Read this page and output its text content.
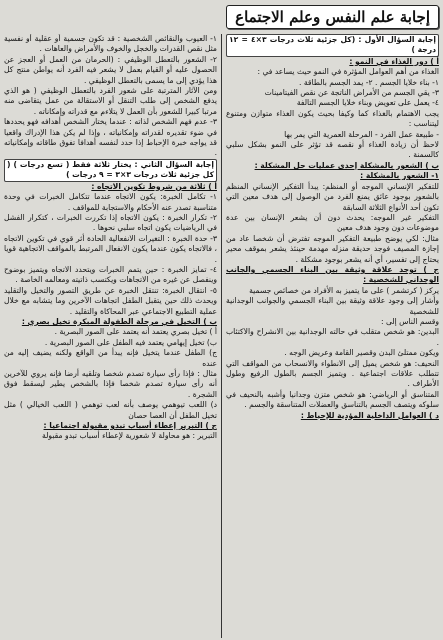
إجابة علم النفس وعلم الاجتماع

إجابة السؤال الأول : (كل جزئية ثلاث درجات ٣×٤ = ١٢ درجة )

أ ) دور الغذاء في النمو :

الغذاء من أهم العوامل المؤثرة في النمو حيث يساعد في :

١- بناء خلايا الجسم . ٢- يمد الجسم بالطاقة .

٣- يقي الجسم من الأمراض الناتجة عن نقص الفيتامينات

٤- يعمل على تعويض وبناء خلايا الجسم التالفة

يجب الاهتمام بالغذاء كما وكيفا بحيث يكون الغذاء متوازن ومتنوع ليتناسب :

- طبيعة عمل الفرد - المرحلة العمرية التي يمر بها

لاحظ أن زيادة الغذاء أو نقصه قد تؤثر على النمو بشكل سلبي كالسمنة .

ب ) الشعور بالمشكلة إحدى عمليات حل المشكلة :

١- الشعور بالمشكلة :

للتفكير الإنساني الموجه أو المنظم: يبدأ التفكير الإنساني المنظم بالشعور بوجود عائق يمنع الفرد من الوصول إلى هدف معين التي تكون أحد الأنواع الثلاثة السابقة

التفكير غير الموجه: يحدث دون أن يشعر الإنسان بين عدة موضوعات دون وجود هدف معين

مثال: لكي يوضح طبيعة التفكير الموجه تفترض أن شخصا عاد من إجازة المصيف فوجد حديقة منزله مهدمة حينئذ يشعر بموقف محير يحتاج إلى تفسير، أي أنه يشعر بوجود مشكلة .

ج ) توجد علاقة وثيقة بين البناء الجسمي والجانب الوجداني للشخصية :

يركز ( كرتشمر ) على ما يتميز به الأفراد من خصائص جسمية

وأشار إلى وجود علاقة وثيقة بين البناء الجسمي والجوانب الوجدانية للشخصية

وقسم الناس إلى :

البدين: هو شخص متقلب في حالته الوجدانية بين الانشراح والاكتئاب .

ويكون ممتلئ البدن وقصير القامة وعريض الوجه .

النحيف: هو شخص يميل إلى الانطواء والانسحاب من المواقف التي تتطلب علاقات اجتماعية . ويتميز الجسم بالطول الرفيع وطول الأطراف .

المتناسق أو الرياضي: هو شخص متزن وجدانيا وأشبه بالنحيف في سلوكه ويتصف الجسم بالتناسق والعضلات المتناسقة والجسم .

د ) العوامل الداخلية المؤدية للإحباط :

١- العيوب والنقائص الشخصية : قد تكون جسمية أو عقلية أو نفسية مثل نقص القدرات والخجل والخوف والأمراض والعاهات .

٢- الشعور بالتعطل الوظيفي : (الحرمان من العمل أو العجز عن الحصول عليه أو القيام بعمل لا يشعر فيه الفرد أنه يواطن منتج كل هذا يؤدي إلى ما يسمى بالتعطل الوظيفي .

ومن الآثار المترتبة على شعور الفرد بالتعطل الوظيفي ( هو الذي يدفع الشخص إلى طلب التنقل أو الاستقالة من عمل يتقاضى منه مرتبا كبيرا للشعور بأن العمل لا يتلاءم مع قدراته وإمكاناته .

٣- عدم فهم الشخص لذاته : عندما يختار الشخص أهدافه فهو يحددها في ضوء تقديره لقدراته وإمكانياته ، وإذا لم يكن هذا الإدراك واقعيا قد يواجه خبرة الإحباط إذا حدد لنفسه أهدافا تفوق طاقاته وإمكانياته .

إجابة السؤال الثاني : يختار ثلاثة فقط ( تسع درجات ) ( كل جزئية ثلاث درجات ٣×٣ = ٩ درجات )

أ ) ثلاثة من شروط تكوين الاتجاه :

١- تكامل الخبرة: يكون الاتجاه عندما تتكامل الخبرات في وحدة متناسبة تصدر عنه الأحكام والاستجابة للمواقف .

٢- تكرار الخبرة : يكون الاتجاه إذا تكررت الخبرات ، كتكرار الفشل في الرياضيات يكون اتجاه سلبي نحوها .

٣- حدة الخبرة : التغيرات الانفعالية الحادة أثر قوي في تكوين الاتجاه ، فالاتجاه يكون عندما يكون الانفعال المرتبط بالمواقف الاتجاهية قويا .

٤- تمايز الخبرة : حين يتمم الخبرات ويتحدد الاتجاه ويتميز بوضوح وينفصل عن غيره من الاتجاهات ويكتسب ذاتيته ومعالمه الخاصة .

٥- انتقال الخبرة: تنتقل الخبرة عن طريق التصور والتخيل والتقليد ويحدث ذلك حين يتقبل الطفل اتجاهات الآخرين وما يتشابه مع خلال عملية التطبيع الاجتماعي عبر المحاكاة والتقليد .

ب ) التخيل في مرحلة الطفولة المبكرة تخيل بصري :

أ ) تخيل بصري يعتمد أنه يعتمد على الصور البصرية .

ب) تخيل إيهامي يعتمد فيه الطفل على الصور البصرية .

ج) الطفل عندما يتخيل فإنه يبدأ من الواقع ولكنه يضيف إليه من عنده

مثال : فإذا رأى سيارة تصدم شخصا وتلقيه أرضا فإنه يروي للآخرين أنه رأى سيارة تصدم شخصا فإذا بالشخص يطير ليسقط فوق الشجرة .

د) اللعب تيوهمي يوصف بأنه لعب توهمي ( اللعب الخيالي ) مثل تخيل الطفل أن العصا حصان

ج ) التبرير إعطاء أسباب تبدو مقبولة اجتماعيا :

التبرير : هو محاولة لا شعورية لإعطاء أسباب تبدو مقبولة
